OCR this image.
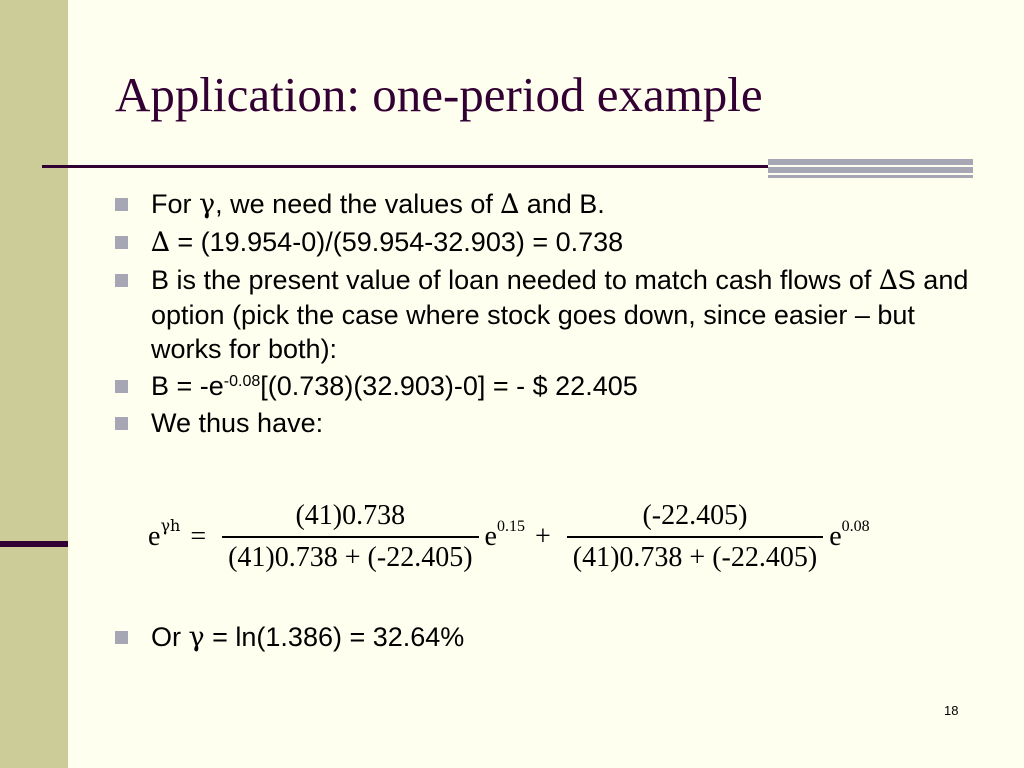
Application: one-period example
For γ, we need the values of ∆ and B.
∆ = (19.954-0)/(59.954-32.903) = 0.738
B is the present value of loan needed to match cash flows of ∆S and option (pick the case where stock goes down, since easier – but works for both):
$B = -e^{-0.08}[(0.738)(32.903)-0]$ = - $ 22.405
We thus have:
$e^{\gamma h} = \frac{(41)0.738}{(41)0.738 + (-22.405)} e^{0.15} + \frac{(-22.405)}{(41)0.738 + (-22.405)} e^{0.08}$
Or γ = ln(1.386) = 32.64%
18
